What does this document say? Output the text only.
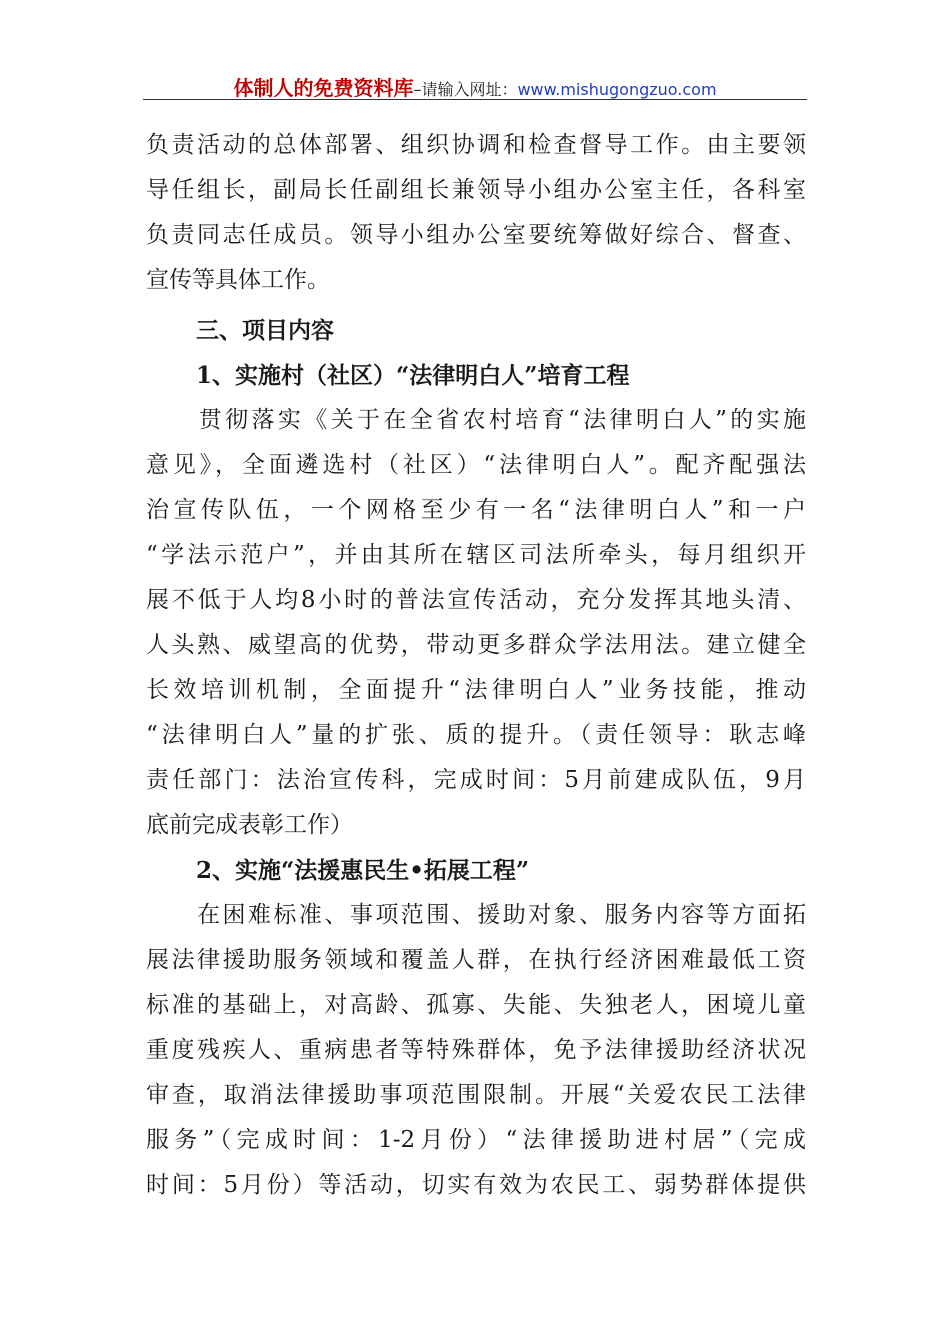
体制人的免费资料库–请输入网址：www.mishugongzuo.com
负责活动的总体部署、组织协调和检查督导工作。由主要领
导任组长，副局长任副组长兼领导小组办公室主任，各科室
负责同志任成员。领导小组办公室要统筹做好综合、督查、
宣传等具体工作。
三、项目内容
1、实施村（社区）“法律明白人”培育工程
　　贯彻落实《关于在全省农村培育“法律明白人”的实施
意见》，全面遴选村（社区）“法律明白人”。配齐配强法
治宣传队伍，一个网格至少有一名“法律明白人”和一户
“学法示范户”，并由其所在辖区司法所牵头，每月组织开
展不低于人均8小时的普法宣传活动，充分发挥其地头清、
人头熟、威望高的优势，带动更多群众学法用法。建立健全
长效培训机制，全面提升“法律明白人”业务技能，推动
“法律明白人”量的扩张、质的提升。（责任领导：耿志峰
责任部门：法治宣传科，完成时间：5月前建成队伍，9月
底前完成表彰工作）
2、实施“法援惠民生•拓展工程”
　　在困难标准、事项范围、援助对象、服务内容等方面拓
展法律援助服务领域和覆盖人群，在执行经济困难最低工资
标准的基础上，对高龄、孤寡、失能、失独老人，困境儿童
重度残疾人、重病患者等特殊群体，免予法律援助经济状况
审查，取消法律援助事项范围限制。开展“关爱农民工法律
服务”（完成时间：1-2月份）“法律援助进村居”（完成
时间：5月份）等活动，切实有效为农民工、弱势群体提供
